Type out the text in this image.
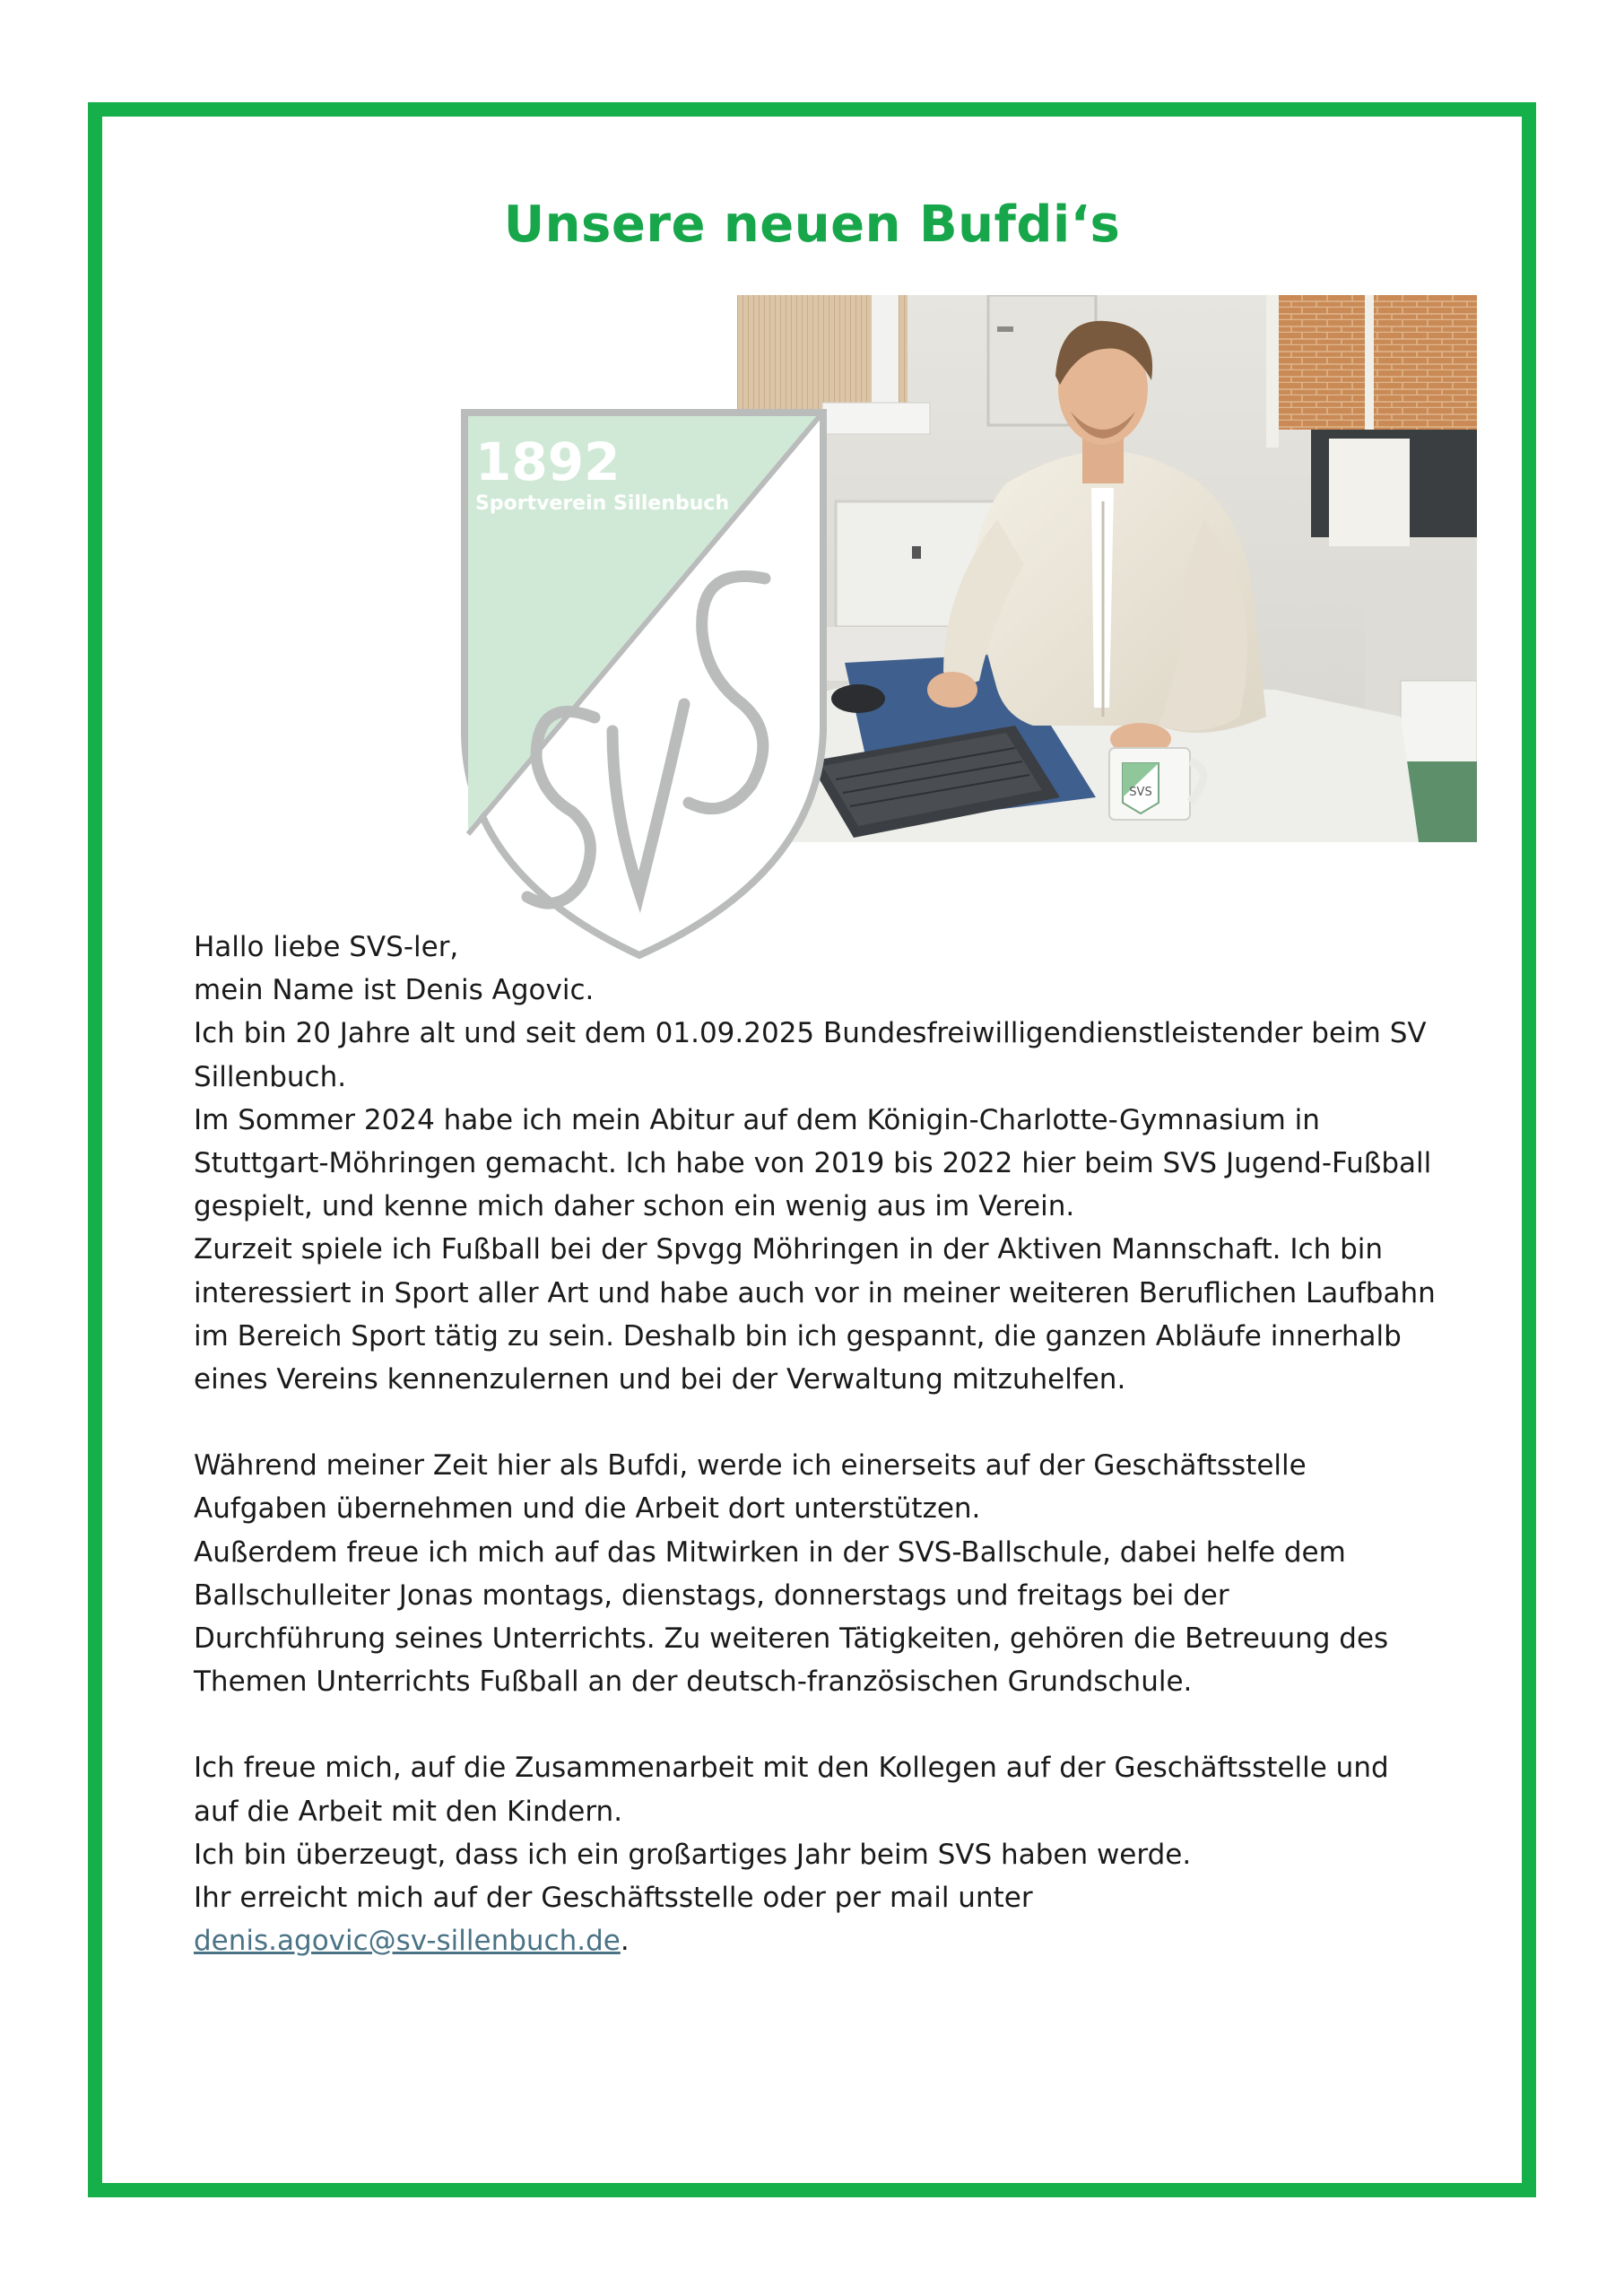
Unsere neuen Bufdi‘s
SVS
1892
Sportverein Sillenbuch

Hallo liebe SVS-ler,
mein Name ist Denis Agovic.
Ich bin 20 Jahre alt und seit dem 01.09.2025 Bundesfreiwilligendienstleistender beim SV
Sillenbuch.
Im Sommer 2024 habe ich mein Abitur auf dem Königin-Charlotte-Gymnasium in
Stuttgart-Möhringen gemacht. Ich habe von 2019 bis 2022 hier beim SVS Jugend-Fußball
gespielt, und kenne mich daher schon ein wenig aus im Verein.
Zurzeit spiele ich Fußball bei der Spvgg Möhringen in der Aktiven Mannschaft. Ich bin
interessiert in Sport aller Art und habe auch vor in meiner weiteren Beruflichen Laufbahn
im Bereich Sport tätig zu sein. Deshalb bin ich gespannt, die ganzen Abläufe innerhalb
eines Vereins kennenzulernen und bei der Verwaltung mitzuhelfen.

Während meiner Zeit hier als Bufdi, werde ich einerseits auf der Geschäftsstelle
Aufgaben übernehmen und die Arbeit dort unterstützen.
Außerdem freue ich mich auf das Mitwirken in der SVS-Ballschule, dabei helfe dem
Ballschulleiter Jonas montags, dienstags, donnerstags und freitags bei der
Durchführung seines Unterrichts. Zu weiteren Tätigkeiten, gehören die Betreuung des
Themen Unterrichts Fußball an der deutsch-französischen Grundschule.

Ich freue mich, auf die Zusammenarbeit mit den Kollegen auf der Geschäftsstelle und
auf die Arbeit mit den Kindern.
Ich bin überzeugt, dass ich ein großartiges Jahr beim SVS haben werde.
Ihr erreicht mich auf der Geschäftsstelle oder per mail unter
denis.agovic@sv-sillenbuch.de.
